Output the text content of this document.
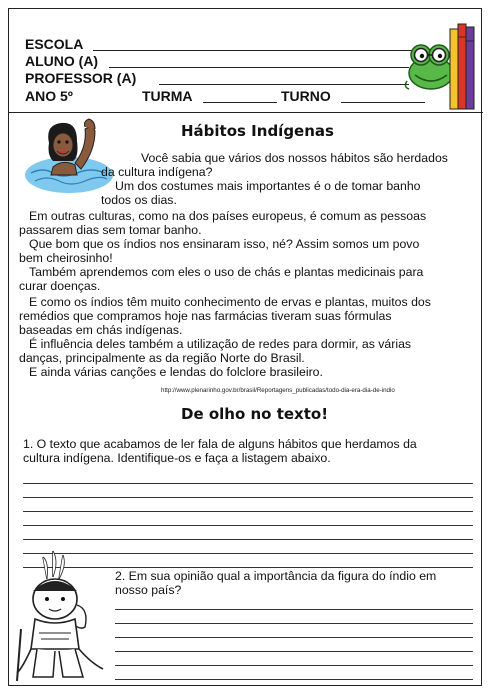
ESCOLA
ALUNO (A)
PROFESSOR (A)
ANO 5º	TURMA	TURNO
Hábitos Indígenas
Você sabia que vários dos nossos hábitos são herdados
da cultura indígena?
Um dos costumes mais importantes é o de tomar banho
todos os dias.
Em outras culturas, como na dos países europeus, é comum as pessoas
passarem dias sem tomar banho.
Que bom que os índios nos ensinaram isso, né? Assim somos um povo
bem cheirosinho!
Também aprendemos com eles o uso de chás e plantas medicinais para
curar doenças.
E como os índios têm muito conhecimento de ervas e plantas, muitos dos
remédios que compramos hoje nas farmácias tiveram suas fórmulas
baseadas em chás indígenas.
É influência deles também a utilização de redes para dormir, as várias
danças, principalmente as da região Norte do Brasil.
E ainda várias canções e lendas do folclore brasileiro.
http://www.plenarinho.gov.br/brasil/Reportagens_publicadas/todo-dia-era-dia-de-indio
De olho no texto!
1. O texto que acabamos de ler fala de alguns hábitos que herdamos da
cultura indígena. Identifique-os e faça a listagem abaixo.
2. Em sua opinião qual a importância da figura do índio em
nosso país?
